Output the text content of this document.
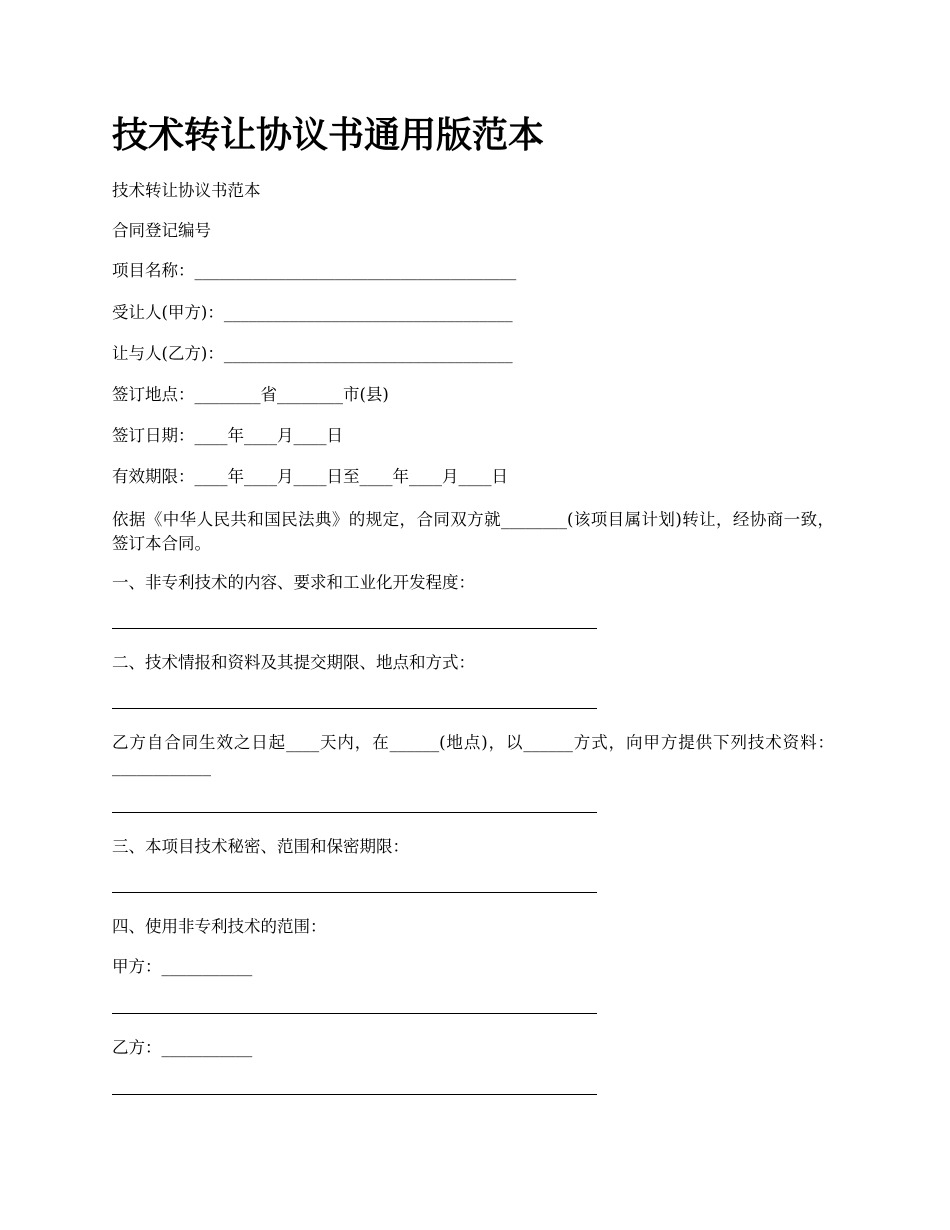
技术转让协议书通用版范本

技术转让协议书范本

合同登记编号

项目名称：_______________________________________

受让人(甲方)：___________________________________

让与人(乙方)：___________________________________

签订地点：________省________市(县)

签订日期：____年____月____日

有效期限：____年____月____日至____年____月____日

依据《中华人民共和国民法典》的规定，合同双方就________(该项目属计划)转让，经协商一致，签订本合同。

一、非专利技术的内容、要求和工业化开发程度：

二、技术情报和资料及其提交期限、地点和方式：

乙方自合同生效之日起____天内，在______(地点)，以______方式，向甲方提供下列技术资料：____________

三、本项目技术秘密、范围和保密期限：

四、使用非专利技术的范围：

甲方：___________

乙方：___________
